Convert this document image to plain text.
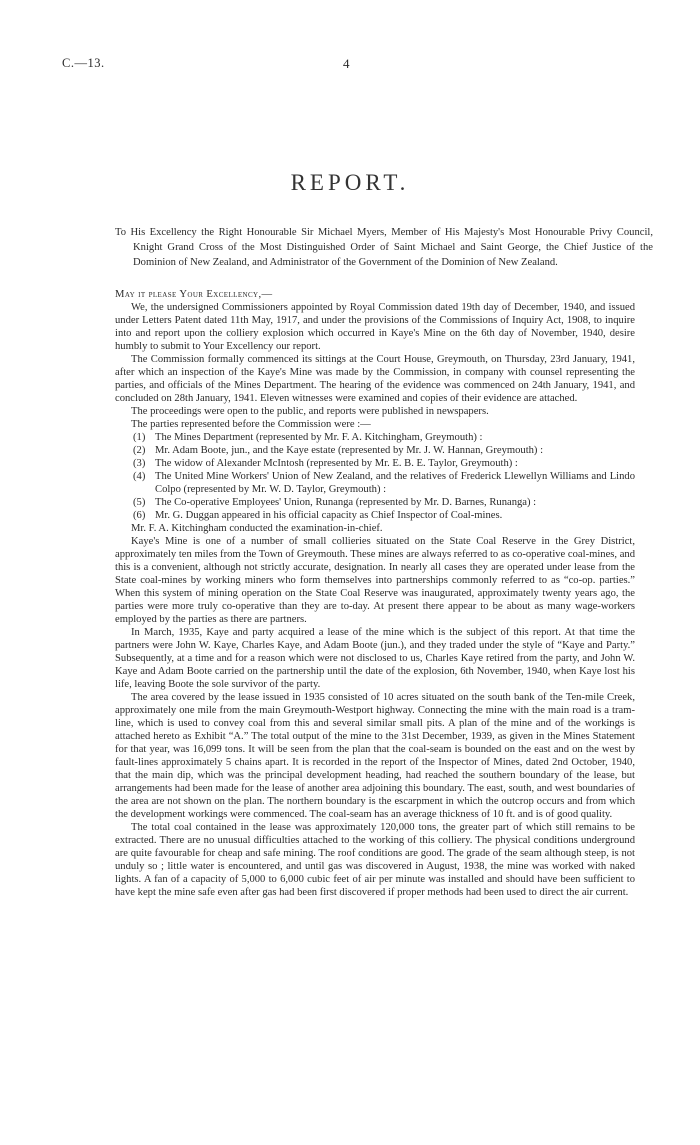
C.—13.	4
REPORT.
To His Excellency the Right Honourable Sir Michael Myers, Member of His Majesty's Most Honourable Privy Council, Knight Grand Cross of the Most Distinguished Order of Saint Michael and Saint George, the Chief Justice of the Dominion of New Zealand, and Administrator of the Government of the Dominion of New Zealand.

May it please Your Excellency,—

We, the undersigned Commissioners appointed by Royal Commission dated 19th day of December, 1940, and issued under Letters Patent dated 11th May, 1917, and under the provisions of the Commissions of Inquiry Act, 1908, to inquire into and report upon the colliery explosion which occurred in Kaye's Mine on the 6th day of November, 1940, desire humbly to submit to Your Excellency our report.

The Commission formally commenced its sittings at the Court House, Greymouth, on Thursday, 23rd January, 1941, after which an inspection of the Kaye's Mine was made by the Commission, in company with counsel representing the parties, and officials of the Mines Department. The hearing of the evidence was commenced on 24th January, 1941, and concluded on 28th January, 1941. Eleven witnesses were examined and copies of their evidence are attached.

The proceedings were open to the public, and reports were published in newspapers.

The parties represented before the Commission were :—

(1) The Mines Department (represented by Mr. F. A. Kitchingham, Greymouth) :
(2) Mr. Adam Boote, jun., and the Kaye estate (represented by Mr. J. W. Hannan, Greymouth) :
(3) The widow of Alexander McIntosh (represented by Mr. E. B. E. Taylor, Greymouth) :
(4) The United Mine Workers' Union of New Zealand, and the relatives of Frederick Llewellyn Williams and Lindo Colpo (represented by Mr. W. D. Taylor, Greymouth) :
(5) The Co-operative Employees' Union, Runanga (represented by Mr. D. Barnes, Runanga) :
(6) Mr. G. Duggan appeared in his official capacity as Chief Inspector of Coal-mines.

Mr. F. A. Kitchingham conducted the examination-in-chief.

Kaye's Mine is one of a number of small collieries situated on the State Coal Reserve in the Grey District, approximately ten miles from the Town of Greymouth. These mines are always referred to as co-operative coal-mines, and this is a convenient, although not strictly accurate, designation. In nearly all cases they are operated under lease from the State coal-mines by working miners who form themselves into partnerships commonly referred to as “co-op. parties.” When this system of mining operation on the State Coal Reserve was inaugurated, approximately twenty years ago, the parties were more truly co-operative than they are to-day. At present there appear to be about as many wage-workers employed by the parties as there are partners.

In March, 1935, Kaye and party acquired a lease of the mine which is the subject of this report. At that time the partners were John W. Kaye, Charles Kaye, and Adam Boote (jun.), and they traded under the style of “Kaye and Party.” Subsequently, at a time and for a reason which were not disclosed to us, Charles Kaye retired from the party, and John W. Kaye and Adam Boote carried on the partnership until the date of the explosion, 6th November, 1940, when Kaye lost his life, leaving Boote the sole survivor of the party.

The area covered by the lease issued in 1935 consisted of 10 acres situated on the south bank of the Ten-mile Creek, approximately one mile from the main Greymouth-Westport highway. Connecting the mine with the main road is a tram-line, which is used to convey coal from this and several similar small pits. A plan of the mine and of the workings is attached hereto as Exhibit “A.” The total output of the mine to the 31st December, 1939, as given in the Mines Statement for that year, was 16,099 tons. It will be seen from the plan that the coal-seam is bounded on the east and on the west by fault-lines approximately 5 chains apart. It is recorded in the report of the Inspector of Mines, dated 2nd October, 1940, that the main dip, which was the principal development heading, had reached the southern boundary of the lease, but arrangements had been made for the lease of another area adjoining this boundary. The east, south, and west boundaries of the area are not shown on the plan. The northern boundary is the escarpment in which the outcrop occurs and from which the development workings were commenced. The coal-seam has an average thickness of 10 ft. and is of good quality.

The total coal contained in the lease was approximately 120,000 tons, the greater part of which still remains to be extracted. There are no unusual difficulties attached to the working of this colliery. The physical conditions underground are quite favourable for cheap and safe mining. The roof conditions are good. The grade of the seam although steep, is not unduly so ; little water is encountered, and until gas was discovered in August, 1938, the mine was worked with naked lights. A fan of a capacity of 5,000 to 6,000 cubic feet of air per minute was installed and should have been sufficient to have kept the mine safe even after gas had been first discovered if proper methods had been used to direct the air current.
